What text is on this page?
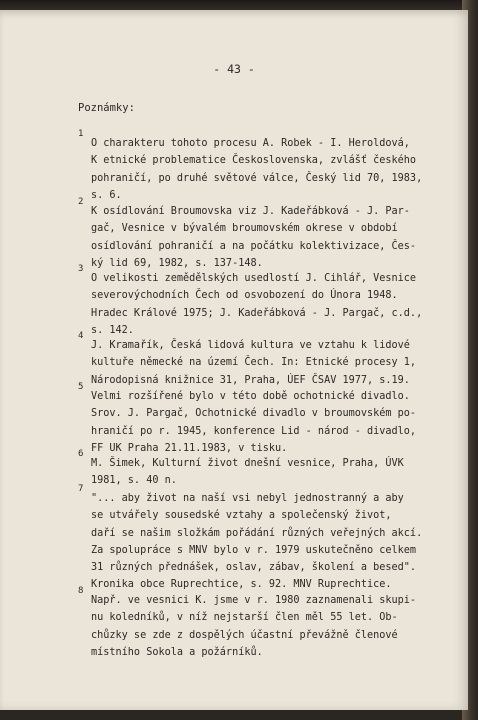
- 43 -
Poznámky:
1
O charakteru tohoto procesu A. Robek - I. Heroldová,
K etnické problematice Československa, zvlášť českého
pohraničí, po druhé světové válce, Český lid 70, 1983,
s. 6.
2
K osídlování Broumovska viz J. Kadeřábková - J. Par-
gač, Vesnice v bývalém broumovském okrese v období
osídlování pohraničí a na počátku kolektivizace, Čes-
ký lid 69, 1982, s. 137-148.
3
O velikosti zemědělských usedlostí J. Cihlář, Vesnice
severovýchodních Čech od osvobození do Února 1948.
Hradec Králové 1975; J. Kadeřábková - J. Pargač, c.d.,
s. 142.
4
J. Kramařík, Česká lidová kultura ve vztahu k lidové
kultuře německé na území Čech. In: Etnické procesy 1,
Národopisná knižnice 31, Praha, ÚEF ČSAV 1977, s.19.
5
Velmi rozšířené bylo v této době ochotnické divadlo.
Srov. J. Pargač, Ochotnické divadlo v broumovském po-
hraničí po r. 1945, konference Lid - národ - divadlo,
FF UK Praha 21.11.1983, v tisku.
6
M. Šimek, Kulturní život dnešní vesnice, Praha, ÚVK
1981, s. 40 n.
7
"... aby život na naší vsi nebyl jednostranný a aby
se utvářely sousedské vztahy a společenský život,
daří se našim složkám pořádání různých veřejných akcí.
Za spolupráce s MNV bylo v r. 1979 uskutečněno celkem
31 různých přednášek, oslav, zábav, školení a besed".
Kronika obce Ruprechtice, s. 92. MNV Ruprechtice.
8
Např. ve vesnici K. jsme v r. 1980 zaznamenali skupi-
nu koledníků, v níž nejstarší člen měl 55 let. Ob-
chůzky se zde z dospělých účastní převážně členové
místního Sokola a požárníků.
